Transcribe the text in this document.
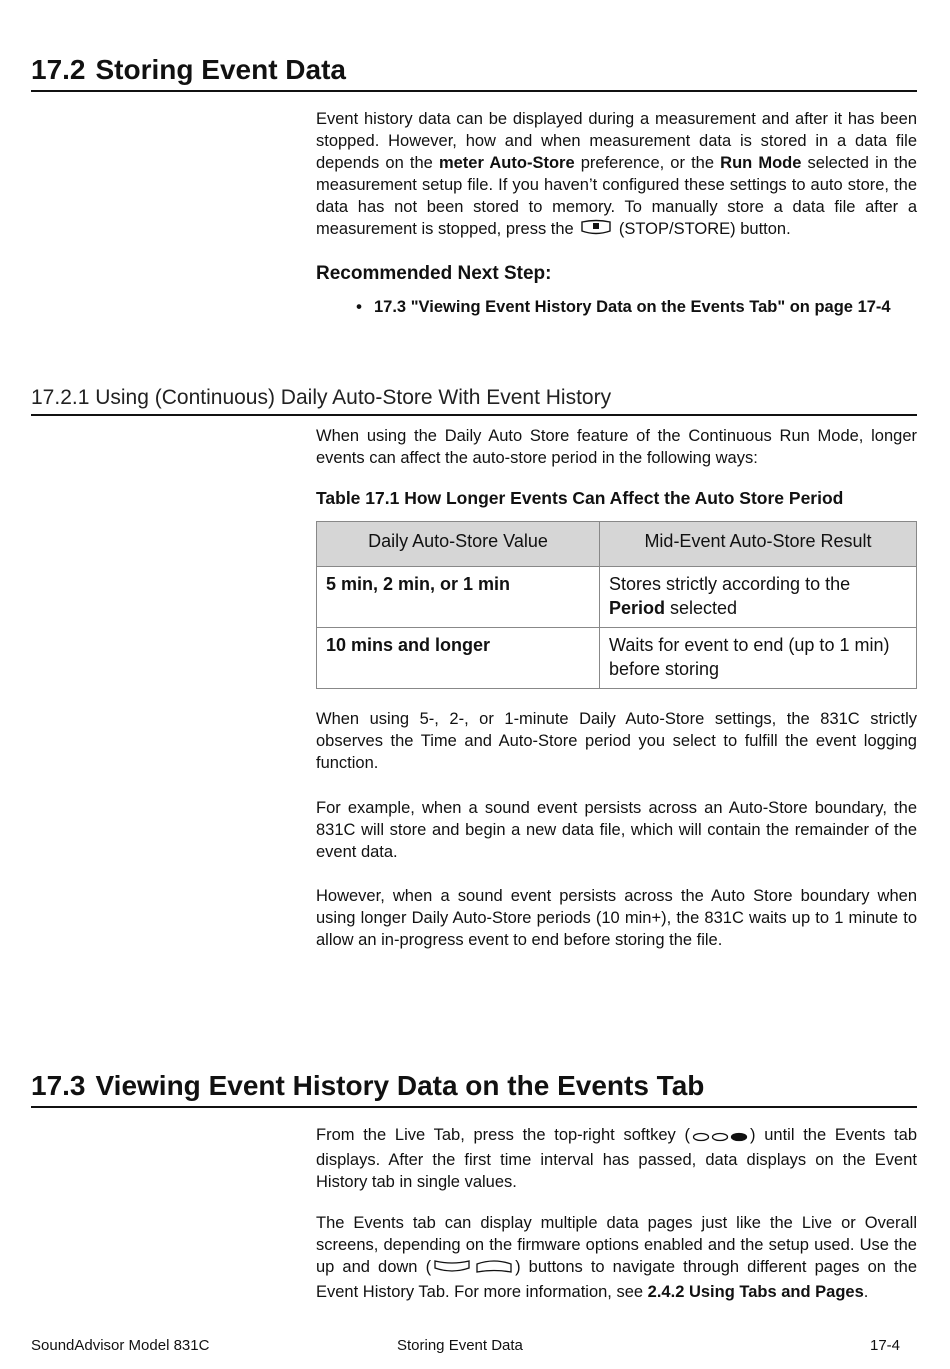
17.2 Storing Event Data
Event history data can be displayed during a measurement and after it has been stopped. However, how and when measurement data is stored in a data file depends on the meter Auto-Store preference, or the Run Mode selected in the measurement setup file. If you haven’t configured these settings to auto store, the data has not been stored to memory. To manually store a data file after a measurement is stopped, press the  (STOP/STORE) button.
Recommended Next Step:
• 17.3 "Viewing Event History Data on the Events Tab" on page 17-4
17.2.1 Using (Continuous) Daily Auto-Store With Event History
When using the Daily Auto Store feature of the Continuous Run Mode, longer events can affect the auto-store period in the following ways:
Table 17.1 How Longer Events Can Affect the Auto Store Period
Daily Auto-Store Value	Mid-Event Auto-Store Result
5 min, 2 min, or 1 min	Stores strictly according to the Period selected
10 mins and longer	Waits for event to end (up to 1 min) before storing
When using 5-, 2-, or 1-minute Daily Auto-Store settings, the 831C strictly observes the Time and Auto-Store period you select to fulfill the event logging function.
For example, when a sound event persists across an Auto-Store boundary, the 831C will store and begin a new data file, which will contain the remainder of the event data.
However, when a sound event persists across the Auto Store boundary when using longer Daily Auto-Store periods (10 min+), the 831C waits up to 1 minute to allow an in-progress event to end before storing the file.
17.3 Viewing Event History Data on the Events Tab
From the Live Tab, press the top-right softkey (	) until the Events tab displays. After the first time interval has passed, data displays on the Event History tab in single values.
The Events tab can display multiple data pages just like the Live or Overall screens, depending on the firmware options enabled and the setup used. Use the up and down (	) buttons to navigate through different pages on the Event History Tab. For more information, see 2.4.2 Using Tabs and Pages.
SoundAdvisor Model 831C	Storing Event Data	17-4
